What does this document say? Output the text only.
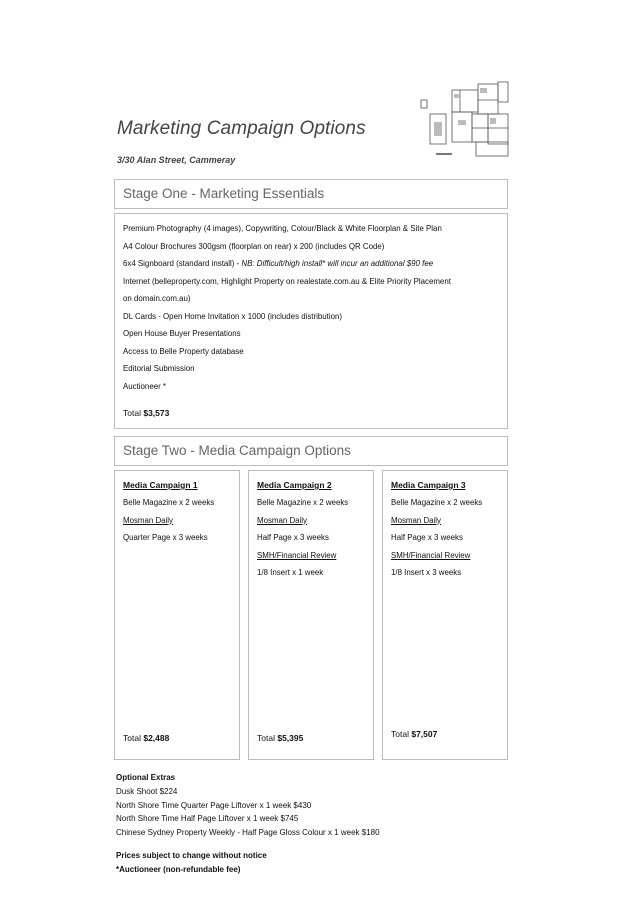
Marketing Campaign Options
3/30 Alan Street, Cammeray
Stage One - Marketing Essentials
Premium Photography (4 images), Copywriting, Colour/Black & White Floorplan & Site Plan
A4 Colour Brochures 300gsm (floorplan on rear) x 200 (includes QR Code)
6x4 Signboard (standard install) - NB: Difficult/high install* will incur an additional $90 fee
Internet (belleproperty.com, Highlight Property on realestate.com.au & Elite Priority Placement
on domain.com.au)
DL Cards - Open Home Invitation x 1000 (includes distribution)
Open House Buyer Presentations
Access to Belle Property database
Editorial Submission
Auctioneer *
Total $3,573
Stage Two - Media Campaign Options
Media Campaign 1
Belle Magazine x 2 weeks
Mosman Daily
Quarter Page x 3 weeks
Total $2,488
Media Campaign 2
Belle Magazine x 2 weeks
Mosman Daily
Half Page x 3 weeks
SMH/Financial Review
1/8 Insert x 1 week
Total $5,395
Media Campaign 3
Belle Magazine x 2 weeks
Mosman Daily
Half Page x 3 weeks
SMH/Financial Review
1/8 Insert x 3 weeks
Total $7,507
Optional Extras
Dusk Shoot $224
North Shore Time Quarter Page Liftover x 1 week $430
North Shore Time Half Page Liftover x 1 week $745
Chinese Sydney Property Weekly - Half Page Gloss Colour x 1 week $180
Prices subject to change without notice
*Auctioneer (non-refundable fee)
